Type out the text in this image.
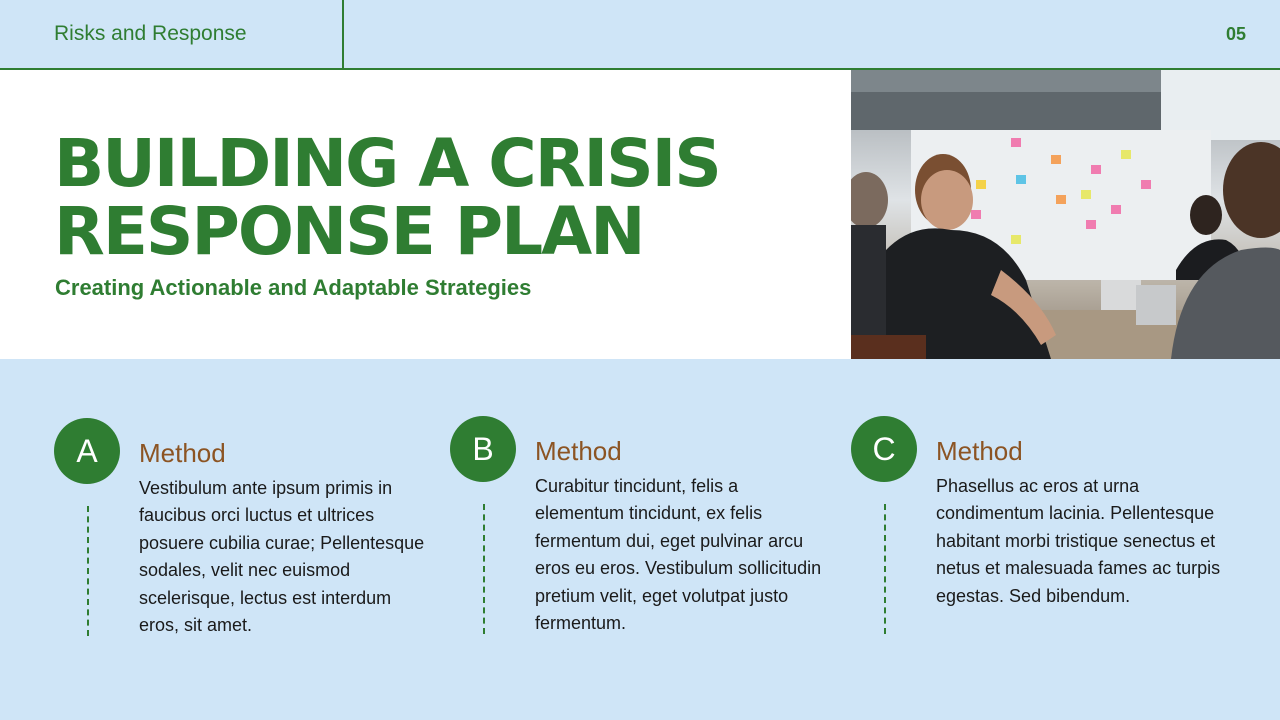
Risks and Response	05
BUILDING A CRISIS
RESPONSE PLAN
Creating Actionable and Adaptable Strategies
A	Method

Vestibulum ante ipsum primis in faucibus orci luctus et ultrices posuere cubilia curae; Pellentesque sodales, velit nec euismod scelerisque, lectus est interdum eros, sit amet.

B	Method

Curabitur tincidunt, felis a elementum tincidunt, ex felis fermentum dui, eget pulvinar arcu eros eu eros. Vestibulum sollicitudin pretium velit, eget volutpat justo fermentum.

C	Method

Phasellus ac eros at urna condimentum lacinia. Pellentesque habitant morbi tristique senectus et netus et malesuada fames ac turpis egestas. Sed bibendum.
